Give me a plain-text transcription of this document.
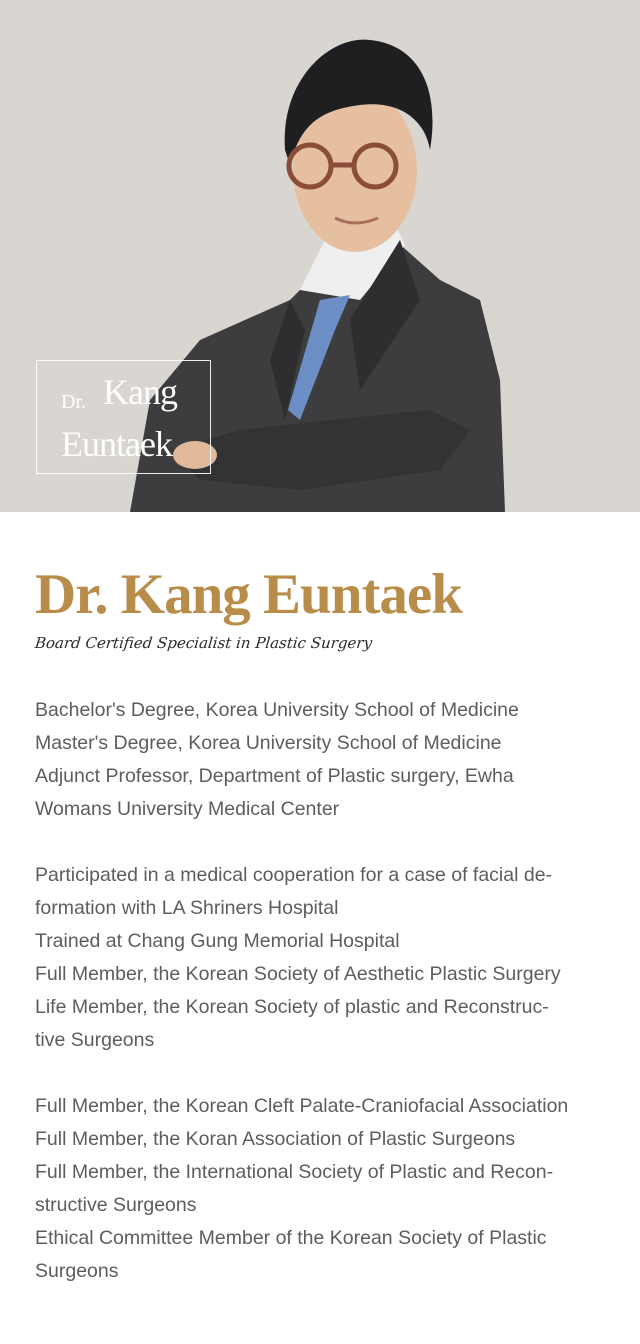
Dr. Kang
Euntaek
Dr. Kang Euntaek
Board Certified Specialist in Plastic Surgery
Bachelor's Degree, Korea University School of Medicine
Master's Degree, Korea University School of Medicine
Adjunct Professor, Department of Plastic surgery, Ewha
Womans University Medical Center
Participated in a medical cooperation for a case of facial de-
formation with LA Shriners Hospital
Trained at Chang Gung Memorial Hospital
Full Member, the Korean Society of Aesthetic Plastic Surgery
Life Member, the Korean Society of plastic and Reconstruc-
tive Surgeons
Full Member, the Korean Cleft Palate-Craniofacial Association
Full Member, the Koran Association of Plastic Surgeons
Full Member, the International Society of Plastic and Recon-
structive Surgeons
Ethical Committee Member of the Korean Society of Plastic
Surgeons
